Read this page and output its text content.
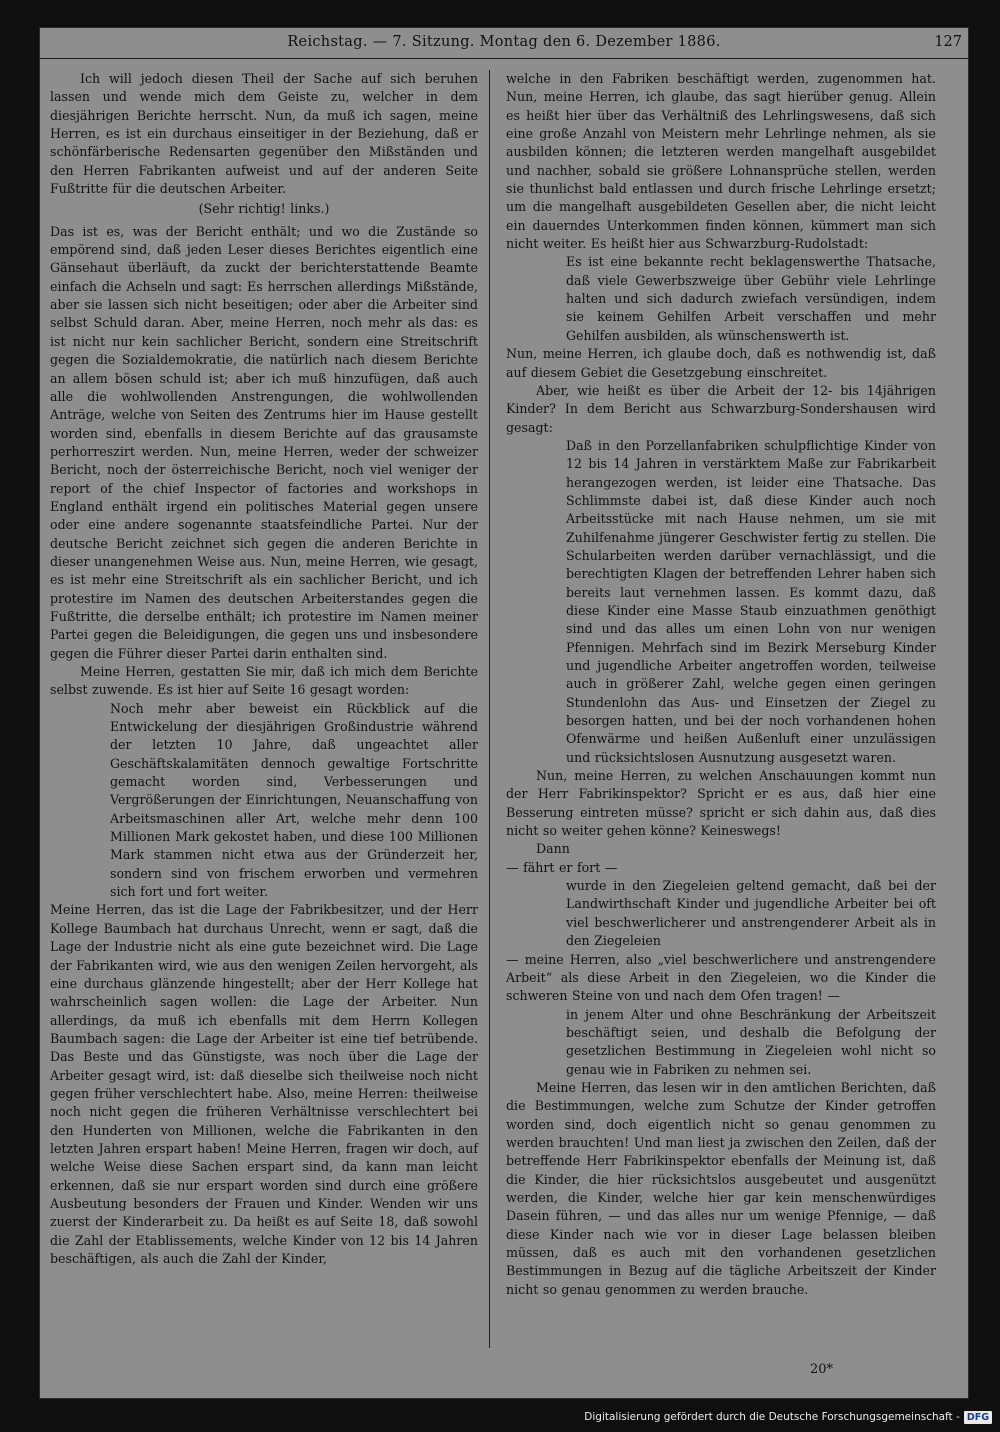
Reichstag. — 7. Sitzung. Montag den 6. Dezember 1886.	127

Ich will jedoch diesen Theil der Sache auf sich beruhen lassen und wende mich dem Geiste zu, welcher in dem diesjährigen Berichte herrscht. Nun, da muß ich sagen, meine Herren, es ist ein durchaus einseitiger in der Beziehung, daß er schönfärberische Redensarten gegenüber den Mißständen und den Herren Fabrikanten aufweist und auf der anderen Seite Fußtritte für die deutschen Arbeiter.

(Sehr richtig! links.)

Das ist es, was der Bericht enthält; und wo die Zustände so empörend sind, daß jeden Leser dieses Berichtes eigentlich eine Gänsehaut überläuft, da zuckt der berichterstattende Beamte einfach die Achseln und sagt: Es herrschen allerdings Mißstände, aber sie lassen sich nicht beseitigen; oder aber die Arbeiter sind selbst Schuld daran. Aber, meine Herren, noch mehr als das: es ist nicht nur kein sachlicher Bericht, sondern eine Streitschrift gegen die Sozialdemokratie, die natürlich nach diesem Berichte an allem bösen schuld ist; aber ich muß hinzufügen, daß auch alle die wohlwollenden Anstrengungen, die wohlwollenden Anträge, welche von Seiten des Zentrums hier im Hause gestellt worden sind, ebenfalls in diesem Berichte auf das grausamste perhorreszirt werden. Nun, meine Herren, weder der schweizer Bericht, noch der österreichische Bericht, noch viel weniger der report of the chief Inspector of factories and workshops in England enthält irgend ein politisches Material gegen unsere oder eine andere sogenannte staatsfeindliche Partei. Nur der deutsche Bericht zeichnet sich gegen die anderen Berichte in dieser unangenehmen Weise aus. Nun, meine Herren, wie gesagt, es ist mehr eine Streitschrift als ein sachlicher Bericht, und ich protestire im Namen des deutschen Arbeiterstandes gegen die Fußtritte, die derselbe enthält; ich protestire im Namen meiner Partei gegen die Beleidigungen, die gegen uns und insbesondere gegen die Führer dieser Partei darin enthalten sind.

Meine Herren, gestatten Sie mir, daß ich mich dem Berichte selbst zuwende. Es ist hier auf Seite 16 gesagt worden:

Noch mehr aber beweist ein Rückblick auf die Entwickelung der diesjährigen Großindustrie während der letzten 10 Jahre, daß ungeachtet aller Geschäftskalamitäten dennoch gewaltige Fortschritte gemacht worden sind, Verbesserungen und Vergrößerungen der Einrichtungen, Neuanschaffung von Arbeitsmaschinen aller Art, welche mehr denn 100 Millionen Mark gekostet haben, und diese 100 Millionen Mark stammen nicht etwa aus der Gründerzeit her, sondern sind von frischem erworben und vermehren sich fort und fort weiter.

Meine Herren, das ist die Lage der Fabrikbesitzer, und der Herr Kollege Baumbach hat durchaus Unrecht, wenn er sagt, daß die Lage der Industrie nicht als eine gute bezeichnet wird. Die Lage der Fabrikanten wird, wie aus den wenigen Zeilen hervorgeht, als eine durchaus glänzende hingestellt; aber der Herr Kollege hat wahrscheinlich sagen wollen: die Lage der Arbeiter. Nun allerdings, da muß ich ebenfalls mit dem Herrn Kollegen Baumbach sagen: die Lage der Arbeiter ist eine tief betrübende. Das Beste und das Günstigste, was noch über die Lage der Arbeiter gesagt wird, ist: daß dieselbe sich theilweise noch nicht gegen früher verschlechtert habe. Also, meine Herren: theilweise noch nicht gegen die früheren Verhältnisse verschlechtert bei den Hunderten von Millionen, welche die Fabrikanten in den letzten Jahren erspart haben! Meine Herren, fragen wir doch, auf welche Weise diese Sachen erspart sind, da kann man leicht erkennen, daß sie nur erspart worden sind durch eine größere Ausbeutung besonders der Frauen und Kinder. Wenden wir uns zuerst der Kinderarbeit zu. Da heißt es auf Seite 18, daß sowohl die Zahl der Etablissements, welche Kinder von 12 bis 14 Jahren beschäftigen, als auch die Zahl der Kinder,

welche in den Fabriken beschäftigt werden, zugenommen hat. Nun, meine Herren, ich glaube, das sagt hierüber genug. Allein es heißt hier über das Verhältniß des Lehrlingswesens, daß sich eine große Anzahl von Meistern mehr Lehrlinge nehmen, als sie ausbilden können; die letzteren werden mangelhaft ausgebildet und nachher, sobald sie größere Lohnansprüche stellen, werden sie thunlichst bald entlassen und durch frische Lehrlinge ersetzt; um die mangelhaft ausgebildeten Gesellen aber, die nicht leicht ein dauerndes Unterkommen finden können, kümmert man sich nicht weiter. Es heißt hier aus Schwarzburg-Rudolstadt:

Es ist eine bekannte recht beklagenswerthe Thatsache, daß viele Gewerbszweige über Gebühr viele Lehrlinge halten und sich dadurch zwiefach versündigen, indem sie keinem Gehilfen Arbeit verschaffen und mehr Gehilfen ausbilden, als wünschenswerth ist.

Nun, meine Herren, ich glaube doch, daß es nothwendig ist, daß auf diesem Gebiet die Gesetzgebung einschreitet.

Aber, wie heißt es über die Arbeit der 12- bis 14jährigen Kinder? In dem Bericht aus Schwarzburg-Sondershausen wird gesagt:

Daß in den Porzellanfabriken schulpflichtige Kinder von 12 bis 14 Jahren in verstärktem Maße zur Fabrikarbeit herangezogen werden, ist leider eine Thatsache. Das Schlimmste dabei ist, daß diese Kinder auch noch Arbeitsstücke mit nach Hause nehmen, um sie mit Zuhilfenahme jüngerer Geschwister fertig zu stellen. Die Schularbeiten werden darüber vernachlässigt, und die berechtigten Klagen der betreffenden Lehrer haben sich bereits laut vernehmen lassen. Es kommt dazu, daß diese Kinder eine Masse Staub einzuathmen genöthigt sind und das alles um einen Lohn von nur wenigen Pfennigen. Mehrfach sind im Bezirk Merseburg Kinder und jugendliche Arbeiter angetroffen worden, teilweise auch in größerer Zahl, welche gegen einen geringen Stundenlohn das Aus- und Einsetzen der Ziegel zu besorgen hatten, und bei der noch vorhandenen hohen Ofenwärme und heißen Außenluft einer unzulässigen und rücksichtslosen Ausnutzung ausgesetzt waren.

Nun, meine Herren, zu welchen Anschauungen kommt nun der Herr Fabrikinspektor? Spricht er es aus, daß hier eine Besserung eintreten müsse? spricht er sich dahin aus, daß dies nicht so weiter gehen könne? Keineswegs!

Dann

— fährt er fort —

wurde in den Ziegeleien geltend gemacht, daß bei der Landwirthschaft Kinder und jugendliche Arbeiter bei oft viel beschwerlicherer und anstrengenderer Arbeit als in den Ziegeleien

— meine Herren, also „viel beschwerlichere und anstrengendere Arbeit“ als diese Arbeit in den Ziegeleien, wo die Kinder die schweren Steine von und nach dem Ofen tragen! —

in jenem Alter und ohne Beschränkung der Arbeitszeit beschäftigt seien, und deshalb die Befolgung der gesetzlichen Bestimmung in Ziegeleien wohl nicht so genau wie in Fabriken zu nehmen sei.

Meine Herren, das lesen wir in den amtlichen Berichten, daß die Bestimmungen, welche zum Schutze der Kinder getroffen worden sind, doch eigentlich nicht so genau genommen zu werden brauchten! Und man liest ja zwischen den Zeilen, daß der betreffende Herr Fabrikinspektor ebenfalls der Meinung ist, daß die Kinder, die hier rücksichtslos ausgebeutet und ausgenützt werden, die Kinder, welche hier gar kein menschenwürdiges Dasein führen, — und das alles nur um wenige Pfennige, — daß diese Kinder nach wie vor in dieser Lage belassen bleiben müssen, daß es auch mit den vorhandenen gesetzlichen Bestimmungen in Bezug auf die tägliche Arbeitszeit der Kinder nicht so genau genommen zu werden brauche.

20*
Digitalisierung gefördert durch die Deutsche Forschungsgemeinschaft - DFG
